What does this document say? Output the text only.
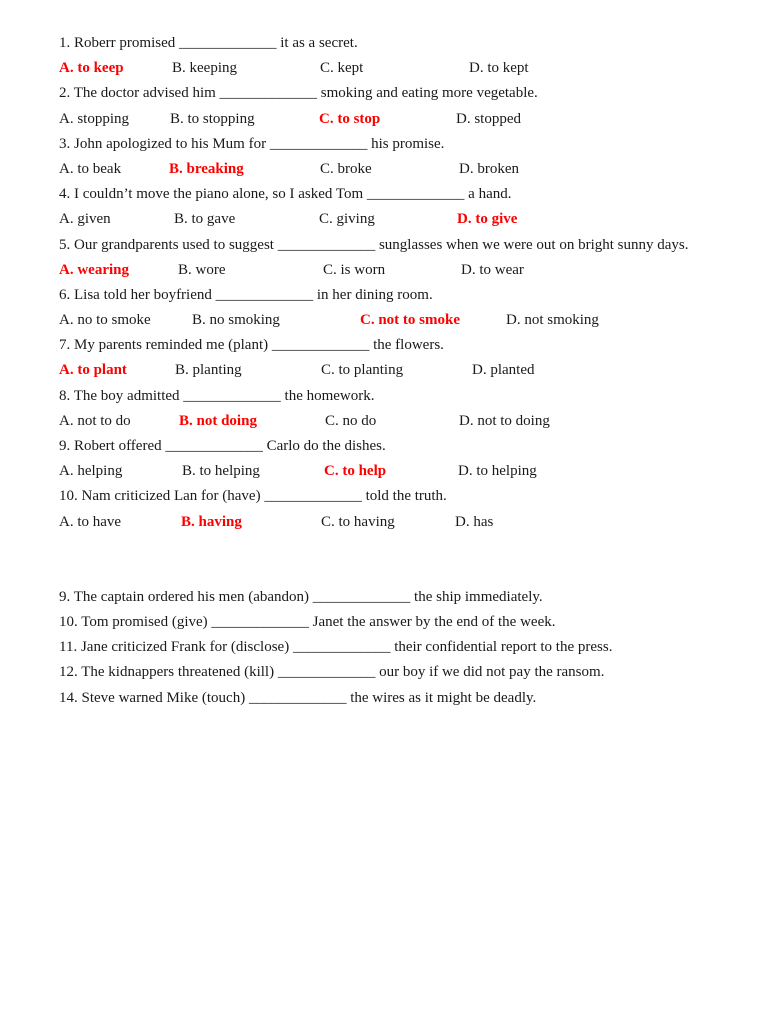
1. Roberr promised _____________ it as a secret.
A. to keep	B. keeping	C. kept	D. to kept
2. The doctor advised him _____________ smoking and eating more vegetable.
A. stopping	B. to stopping	C. to stop	D. stopped
3. John apologized to his Mum for _____________ his promise.
A. to beak	B. breaking	C. broke	D. broken
4. I couldn’t move the piano alone, so I asked Tom _____________ a hand.
A. given	B. to gave	C. giving	D. to give
5. Our grandparents used to suggest _____________ sunglasses when we were out on bright sunny days.
A. wearing	B. wore	C. is worn	D. to wear
6. Lisa told her boyfriend _____________ in her dining room.
A. no to smoke	B. no smoking	C. not to smoke	D. not smoking
7. My parents reminded me (plant) _____________ the flowers.
A. to plant	B. planting	C. to planting	D. planted
8. The boy admitted _____________ the homework.
A. not to do	B. not doing	C. no do	D. not to doing
9. Robert offered _____________ Carlo do the dishes.
A. helping	B. to helping	C. to help	D. to helping
10. Nam criticized Lan for (have) _____________ told the truth.
A. to have	B. having	C. to having	D. has
9. The captain ordered his men (abandon) _____________ the ship immediately.
10. Tom promised (give) _____________ Janet the answer by the end of the week.
11. Jane criticized Frank for (disclose) _____________ their confidential report to the press.
12. The kidnappers threatened (kill) _____________ our boy if we did not pay the ransom.
14. Steve warned Mike (touch) _____________ the wires as it might be deadly.
